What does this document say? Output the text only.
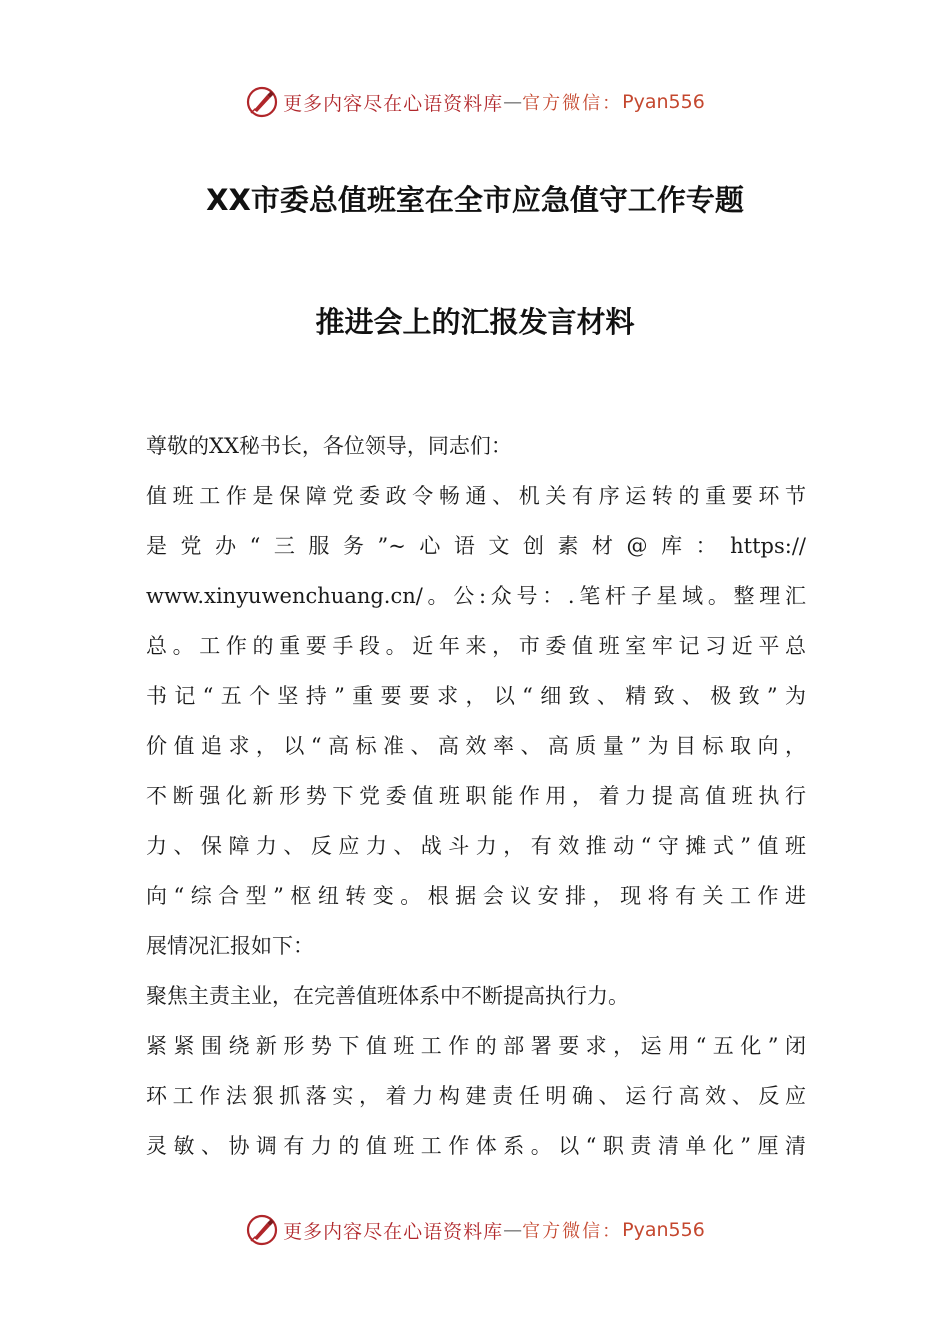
更多内容尽在心语资料库 — 官方微信： Pyan556
XX市委总值班室在全市应急值守工作专题
推进会上的汇报发言材料
尊敬的XX秘书长，各位领导，同志们：
值班工作是保障党委政令畅通、机关有序运转的重要环节
是党办“三服务”~心语文创素材@库：https://
www.xinyuwenchuang.cn/。公:众号：.笔杆子星域。整理汇
总。工作的重要手段。近年来，市委值班室牢记习近平总
书记“五个坚持”重要要求，以“细致、精致、极致”为
价值追求，以“高标准、高效率、高质量”为目标取向，
不断强化新形势下党委值班职能作用，着力提高值班执行
力、保障力、反应力、战斗力，有效推动“守摊式”值班
向“综合型”枢纽转变。根据会议安排，现将有关工作进
展情况汇报如下：
聚焦主责主业，在完善值班体系中不断提高执行力。
紧紧围绕新形势下值班工作的部署要求，运用“五化”闭
环工作法狠抓落实，着力构建责任明确、运行高效、反应
灵敏、协调有力的值班工作体系。以“职责清单化”厘清
更多内容尽在心语资料库 — 官方微信： Pyan556
